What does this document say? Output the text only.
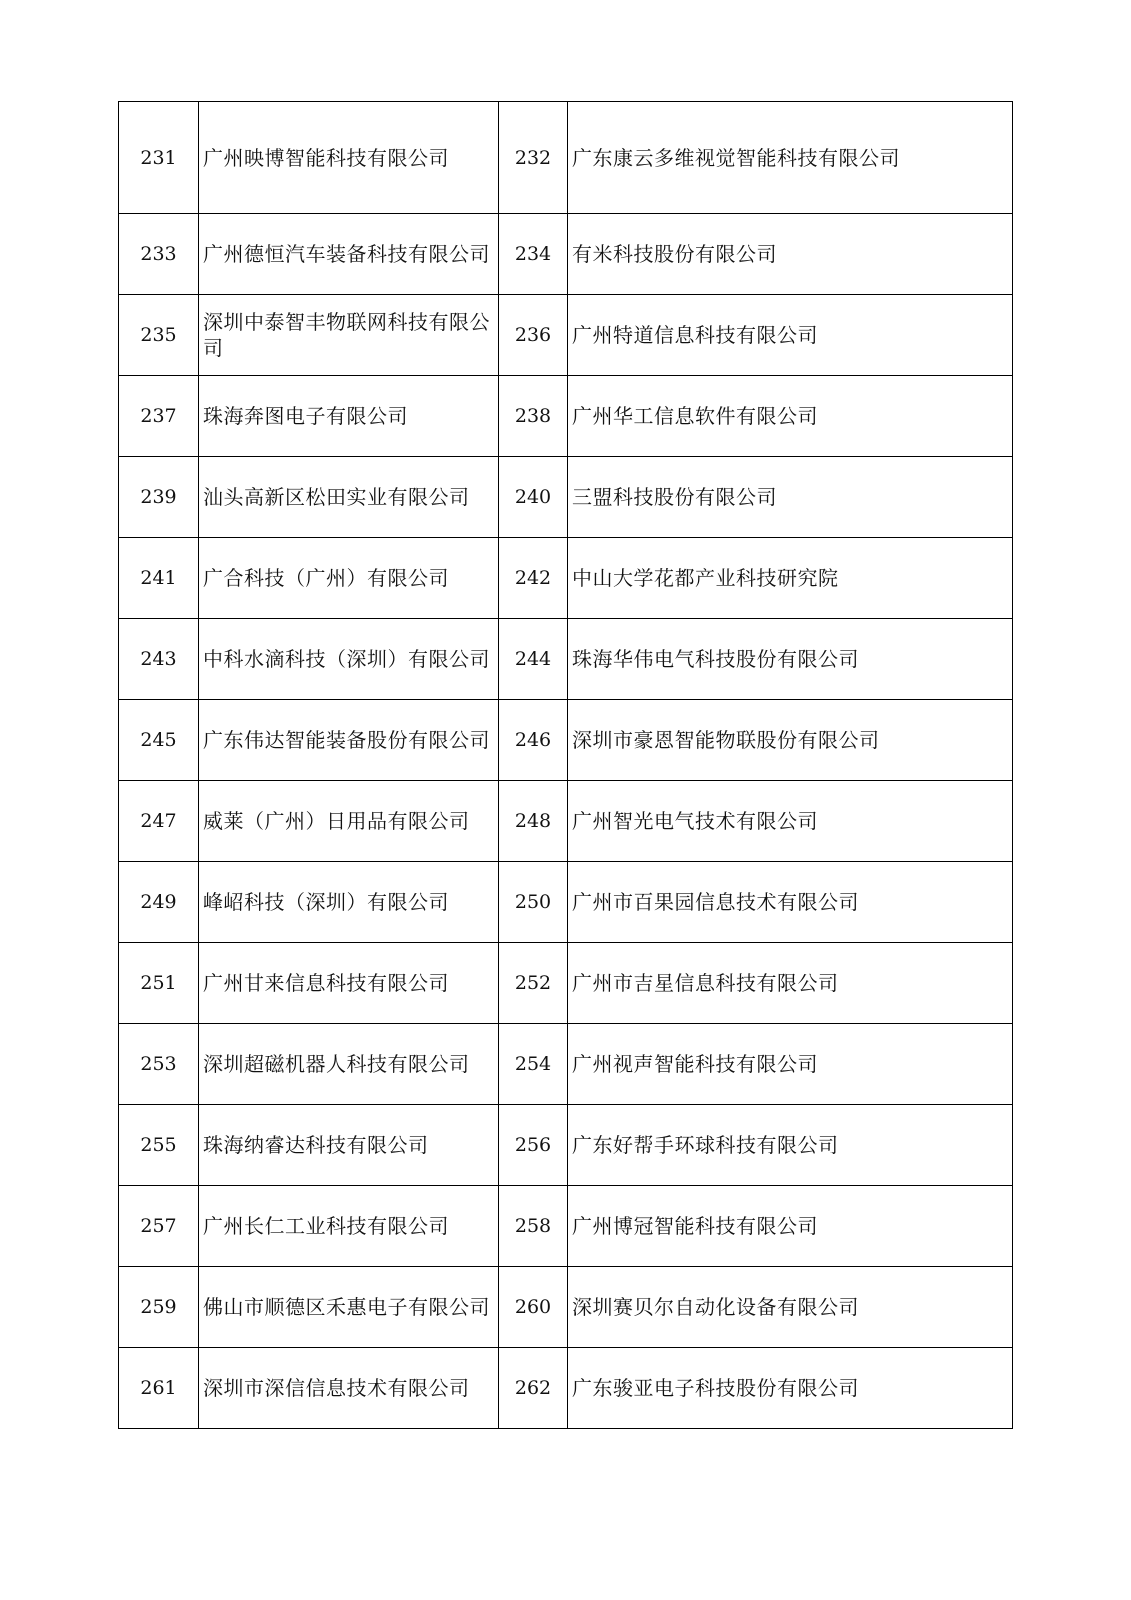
231	广州映博智能科技有限公司	232	广东康云多维视觉智能科技有限公司
233	广州德恒汽车装备科技有限公司	234	有米科技股份有限公司
235	深圳中泰智丰物联网科技有限公司	236	广州特道信息科技有限公司
237	珠海奔图电子有限公司	238	广州华工信息软件有限公司
239	汕头高新区松田实业有限公司	240	三盟科技股份有限公司
241	广合科技（广州）有限公司	242	中山大学花都产业科技研究院
243	中科水滴科技（深圳）有限公司	244	珠海华伟电气科技股份有限公司
245	广东伟达智能装备股份有限公司	246	深圳市豪恩智能物联股份有限公司
247	威莱（广州）日用品有限公司	248	广州智光电气技术有限公司
249	峰岹科技（深圳）有限公司	250	广州市百果园信息技术有限公司
251	广州甘来信息科技有限公司	252	广州市吉星信息科技有限公司
253	深圳超磁机器人科技有限公司	254	广州视声智能科技有限公司
255	珠海纳睿达科技有限公司	256	广东好帮手环球科技有限公司
257	广州长仁工业科技有限公司	258	广州博冠智能科技有限公司
259	佛山市顺德区禾惠电子有限公司	260	深圳赛贝尔自动化设备有限公司
261	深圳市深信信息技术有限公司	262	广东骏亚电子科技股份有限公司
